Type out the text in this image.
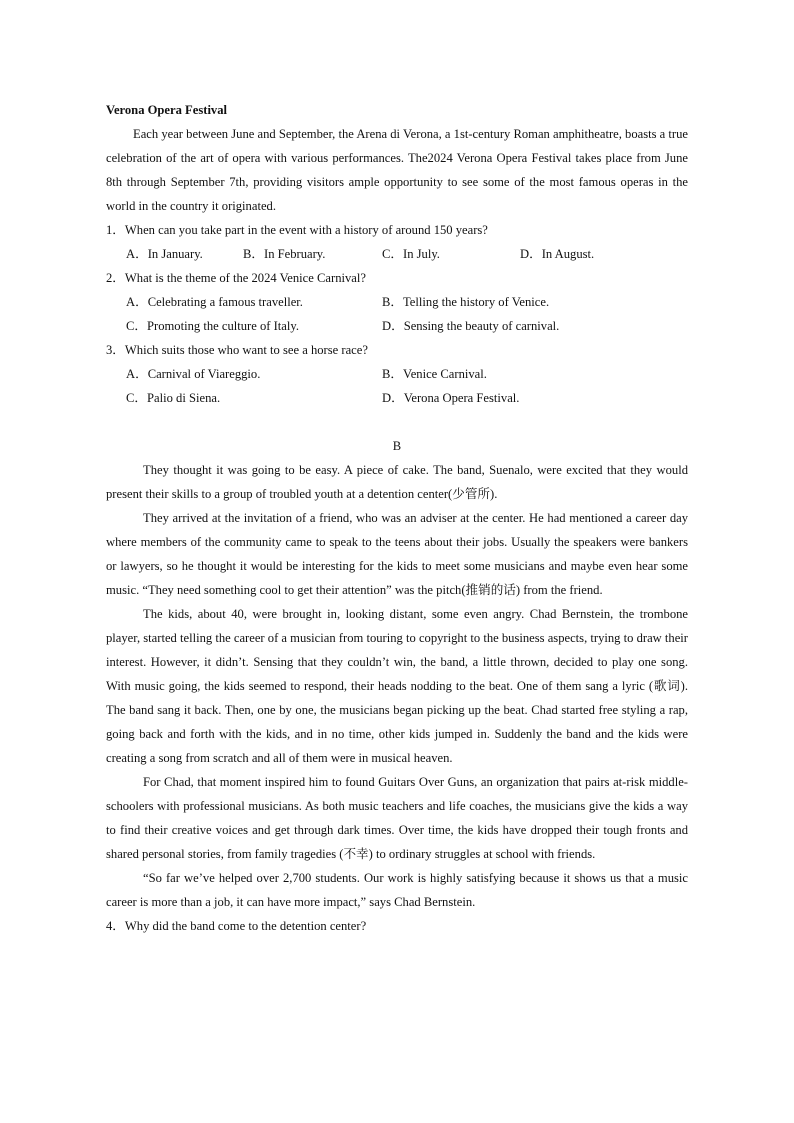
Verona Opera Festival

Each year between June and September, the Arena di Verona, a 1st-century Roman amphitheatre, boasts a true celebration of the art of opera with various performances. The2024 Verona Opera Festival takes place from June 8th through September 7th, providing visitors ample opportunity to see some of the most famous operas in the world in the country it originated.

1．When can you take part in the event with a history of around 150 years?
A．In January.	B．In February.	C．In July.	D．In August.
2．What is the theme of the 2024 Venice Carnival?
A．Celebrating a famous traveller.	B．Telling the history of Venice.
C．Promoting the culture of Italy.	D．Sensing the beauty of carnival.
3．Which suits those who want to see a horse race?
A．Carnival of Viareggio.	B．Venice Carnival.
C．Palio di Siena.	D．Verona Opera Festival.
B

They thought it was going to be easy. A piece of cake. The band, Suenalo, were excited that they would present their skills to a group of troubled youth at a detention center(少管所).

They arrived at the invitation of a friend, who was an adviser at the center. He had mentioned a career day where members of the community came to speak to the teens about their jobs. Usually the speakers were bankers or lawyers, so he thought it would be interesting for the kids to meet some musicians and maybe even hear some music. “They need something cool to get their attention” was the pitch(推销的话) from the friend.

The kids, about 40, were brought in, looking distant, some even angry. Chad Bernstein, the trombone player, started telling the career of a musician from touring to copyright to the business aspects, trying to draw their interest. However, it didn’t. Sensing that they couldn’t win, the band, a little thrown, decided to play one song. With music going, the kids seemed to respond, their heads nodding to the beat. One of them sang a lyric (歌词). The band sang it back. Then, one by one, the musicians began picking up the beat. Chad started free styling a rap, going back and forth with the kids, and in no time, other kids jumped in. Suddenly the band and the kids were creating a song from scratch and all of them were in musical heaven.

For Chad, that moment inspired him to found Guitars Over Guns, an organization that pairs at-risk middle-schoolers with professional musicians. As both music teachers and life coaches, the musicians give the kids a way to find their creative voices and get through dark times. Over time, the kids have dropped their tough fronts and shared personal stories, from family tragedies (不幸) to ordinary struggles at school with friends.

“So far we’ve helped over 2,700 students. Our work is highly satisfying because it shows us that a music career is more than a job, it can have more impact,” says Chad Bernstein.

4．Why did the band come to the detention center?
